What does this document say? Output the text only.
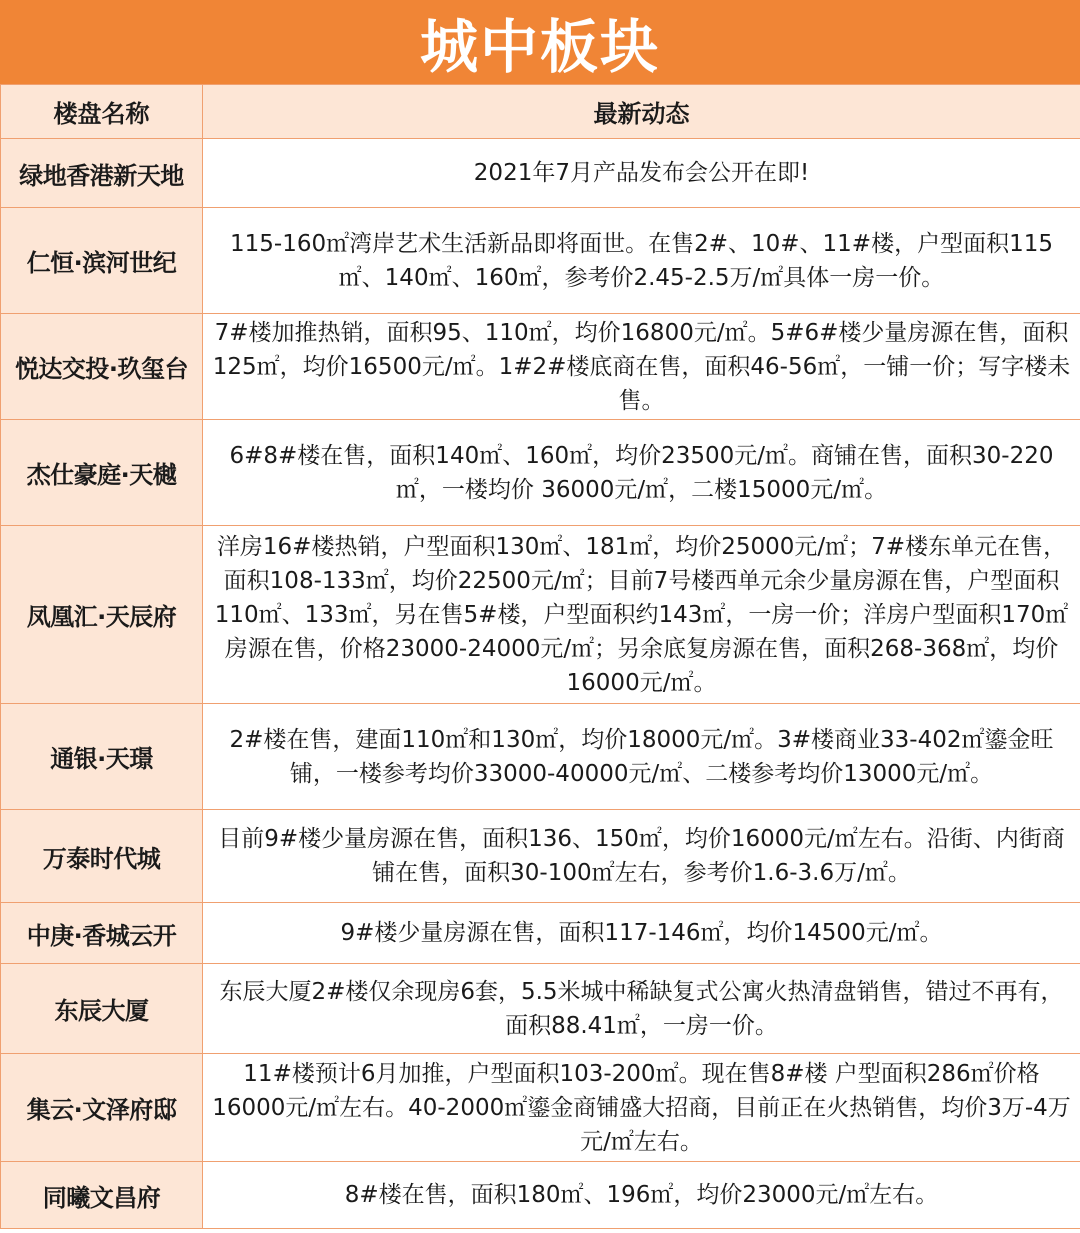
城中板块
楼盘名称	最新动态
绿地香港新天地	2021年7月产品发布会公开在即!
仁恒·滨河世纪	115-160㎡湾岸艺术生活新品即将面世。在售2#、10#、11#楼，户型面积115㎡、140㎡、160㎡，参考价2.45-2.5万/㎡具体一房一价。
悦达交投·玖玺台	7#楼加推热销，面积95、110㎡，均价16800元/㎡。5#6#楼少量房源在售，面积125㎡，均价16500元/㎡。1#2#楼底商在售，面积46-56㎡，一铺一价；写字楼未售。
杰仕豪庭·天樾	6#8#楼在售，面积140㎡、160㎡，均价23500元/㎡。商铺在售，面积30-220㎡，一楼均价 36000元/㎡，二楼15000元/㎡。
凤凰汇·天辰府	洋房16#楼热销，户型面积130㎡、181㎡，均价25000元/㎡；7#楼东单元在售，面积108-133㎡，均价22500元/㎡；目前7号楼西单元余少量房源在售，户型面积110㎡、133㎡，另在售5#楼，户型面积约143㎡，一房一价；洋房户型面积170㎡房源在售，价格23000-24000元/㎡；另余底复房源在售，面积268-368㎡，均价16000元/㎡。
通银·天璟	2#楼在售，建面110㎡和130㎡，均价18000元/㎡。3#楼商业33-402㎡鎏金旺铺，一楼参考均价33000-40000元/㎡、二楼参考均价13000元/㎡。
万泰时代城	目前9#楼少量房源在售，面积136、150㎡，均价16000元/㎡左右。沿街、内街商铺在售，面积30-100㎡左右，参考价1.6-3.6万/㎡。
中庚·香城云开	9#楼少量房源在售，面积117-146㎡，均价14500元/㎡。
东辰大厦	东辰大厦2#楼仅余现房6套，5.5米城中稀缺复式公寓火热清盘销售，错过不再有，面积88.41㎡，一房一价。
集云·文泽府邸	11#楼预计6月加推，户型面积103-200㎡。现在售8#楼 户型面积286㎡价格16000元/㎡左右。40-2000㎡鎏金商铺盛大招商，目前正在火热销售，均价3万-4万元/㎡左右。
同曦文昌府	8#楼在售，面积180㎡、196㎡，均价23000元/㎡左右。
